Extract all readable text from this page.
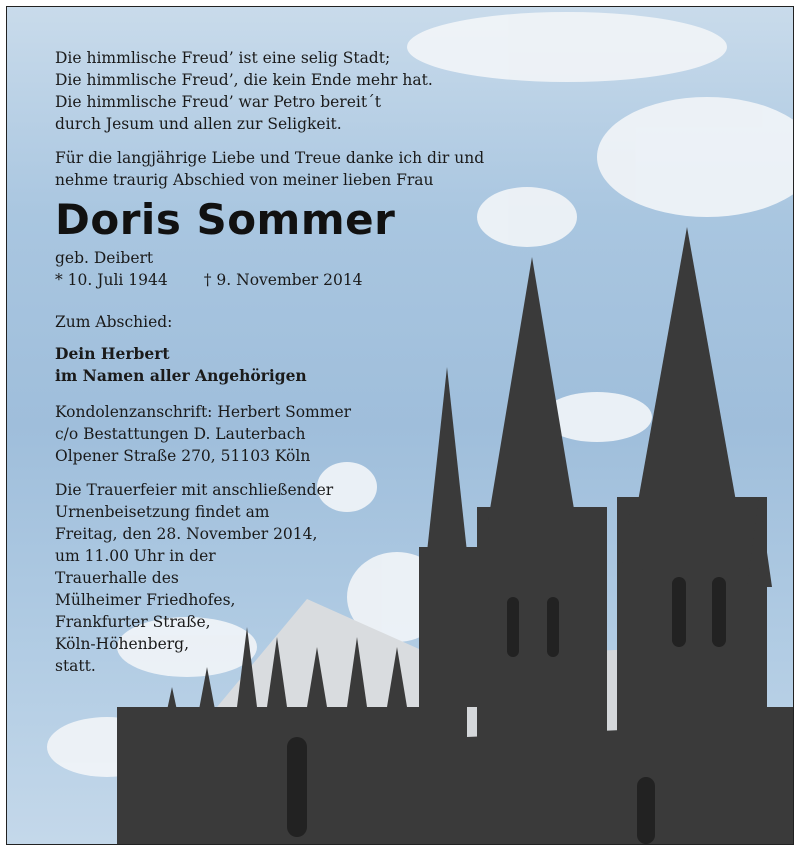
Die himmlische Freud’ ist eine selig Stadt;
Die himmlische Freud’, die kein Ende mehr hat.
Die himmlische Freud’ war Petro bereit´t
durch Jesum und allen zur Seligkeit.
Für die langjährige Liebe und Treue danke ich dir und
nehme traurig Abschied von meiner lieben Frau
Doris Sommer
geb. Deibert
* 10. Juli 1944 † 9. November 2014
Zum Abschied:
Dein Herbert
im Namen aller Angehörigen
Kondolenzanschrift: Herbert Sommer
c/o Bestattungen D. Lauterbach
Olpener Straße 270, 51103 Köln
Die Trauerfeier mit anschließender
Urnenbeisetzung findet am
Freitag, den 28. November 2014,
um 11.00 Uhr in der
Trauerhalle des
Mülheimer Friedhofes,
Frankfurter Straße,
Köln-Höhenberg,
statt.
